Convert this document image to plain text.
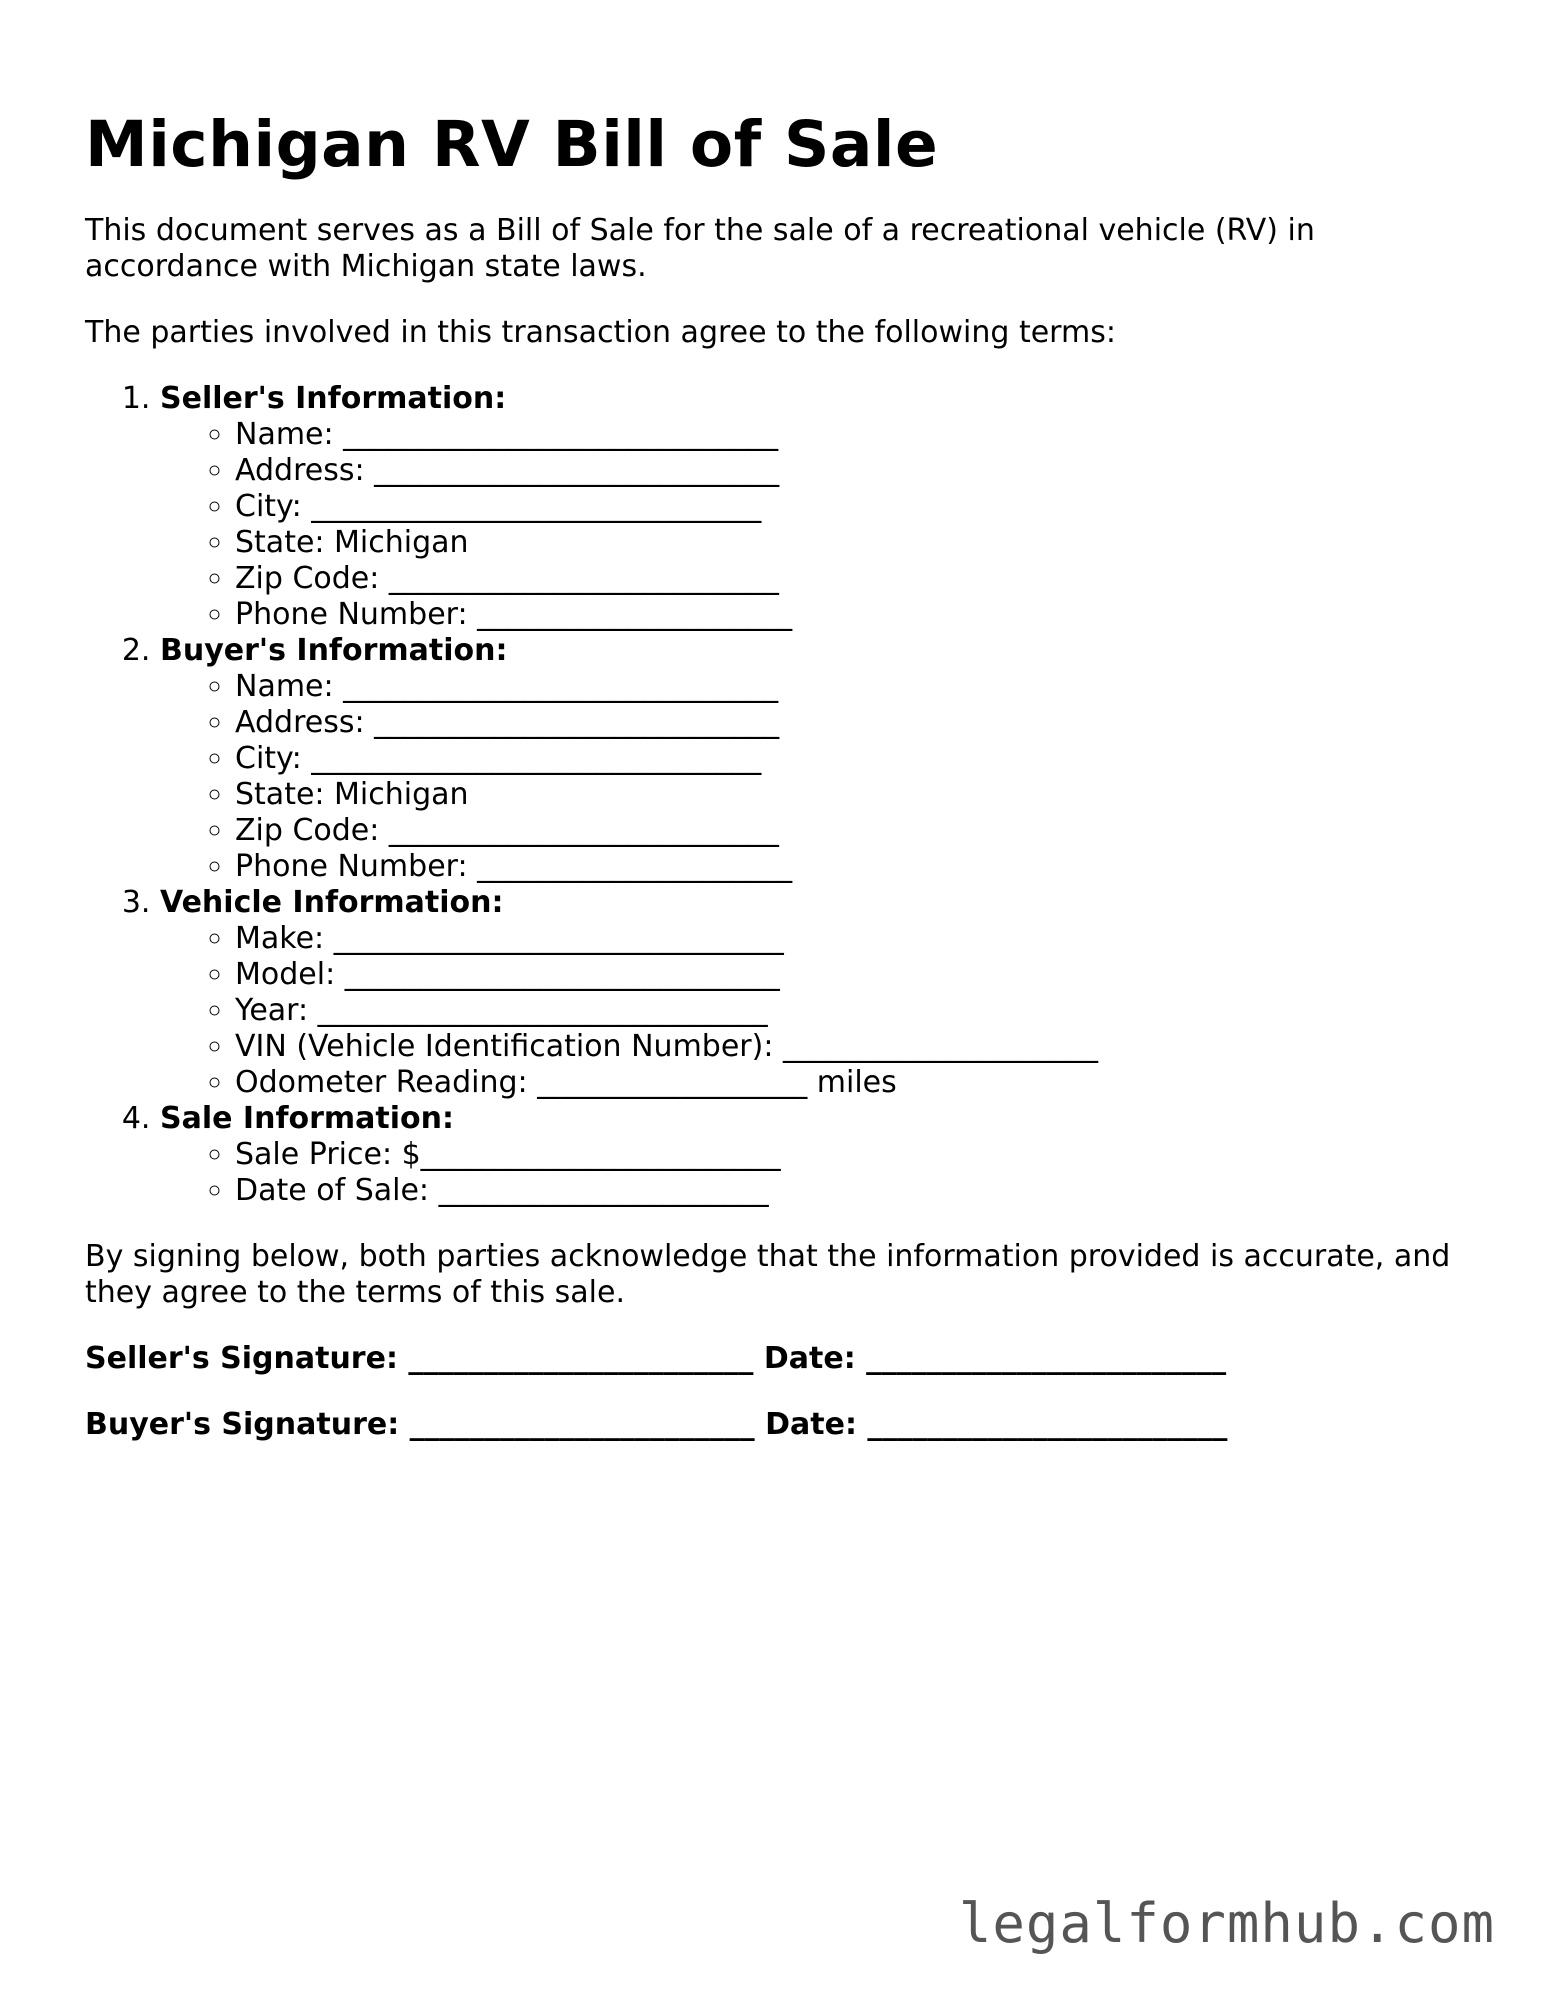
Michigan RV Bill of Sale

This document serves as a Bill of Sale for the sale of a recreational vehicle (RV) in accordance with Michigan state laws.

The parties involved in this transaction agree to the following terms:

1. Seller's Information:
◦ Name: _____________________________
◦ Address: ___________________________
◦ City: ______________________________
◦ State: Michigan
◦ Zip Code: __________________________
◦ Phone Number: _____________________
2. Buyer's Information:
◦ Name: _____________________________
◦ Address: ___________________________
◦ City: ______________________________
◦ State: Michigan
◦ Zip Code: __________________________
◦ Phone Number: _____________________
3. Vehicle Information:
◦ Make: ______________________________
◦ Model: _____________________________
◦ Year: ______________________________
◦ VIN (Vehicle Identification Number): _____________________
◦ Odometer Reading: __________________ miles
4. Sale Information:
◦ Sale Price: $________________________
◦ Date of Sale: ______________________

By signing below, both parties acknowledge that the information provided is accurate, and they agree to the terms of this sale.

Seller's Signature: _______________________ Date: ________________________
Buyer's Signature: _______________________ Date: ________________________
legalformhub.com
